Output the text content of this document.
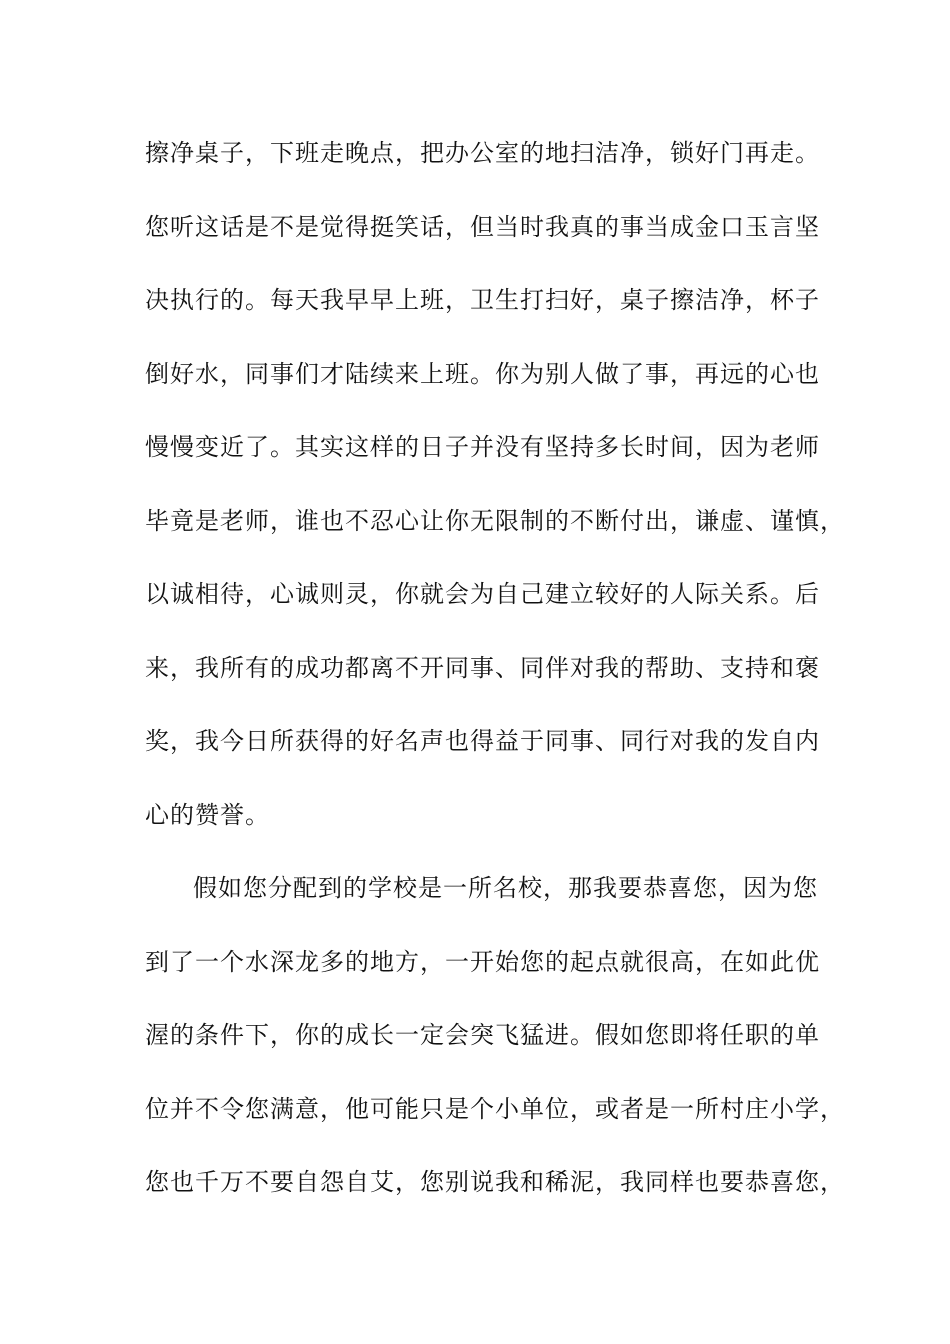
擦净桌子，下班走晚点，把办公室的地扫洁净，锁好门再走。
您听这话是不是觉得挺笑话，但当时我真的事当成金口玉言坚
决执行的。每天我早早上班，卫生打扫好，桌子擦洁净，杯子
倒好水，同事们才陆续来上班。你为别人做了事，再远的心也
慢慢变近了。其实这样的日子并没有坚持多长时间，因为老师
毕竟是老师，谁也不忍心让你无限制的不断付出，谦虚、谨慎，
以诚相待，心诚则灵，你就会为自己建立较好的人际关系。后
来，我所有的成功都离不开同事、同伴对我的帮助、支持和褒
奖，我今日所获得的好名声也得益于同事、同行对我的发自内
心的赞誉。
假如您分配到的学校是一所名校，那我要恭喜您，因为您
到了一个水深龙多的地方，一开始您的起点就很高，在如此优
渥的条件下，你的成长一定会突飞猛进。假如您即将任职的单
位并不令您满意，他可能只是个小单位，或者是一所村庄小学，
您也千万不要自怨自艾，您别说我和稀泥，我同样也要恭喜您，
